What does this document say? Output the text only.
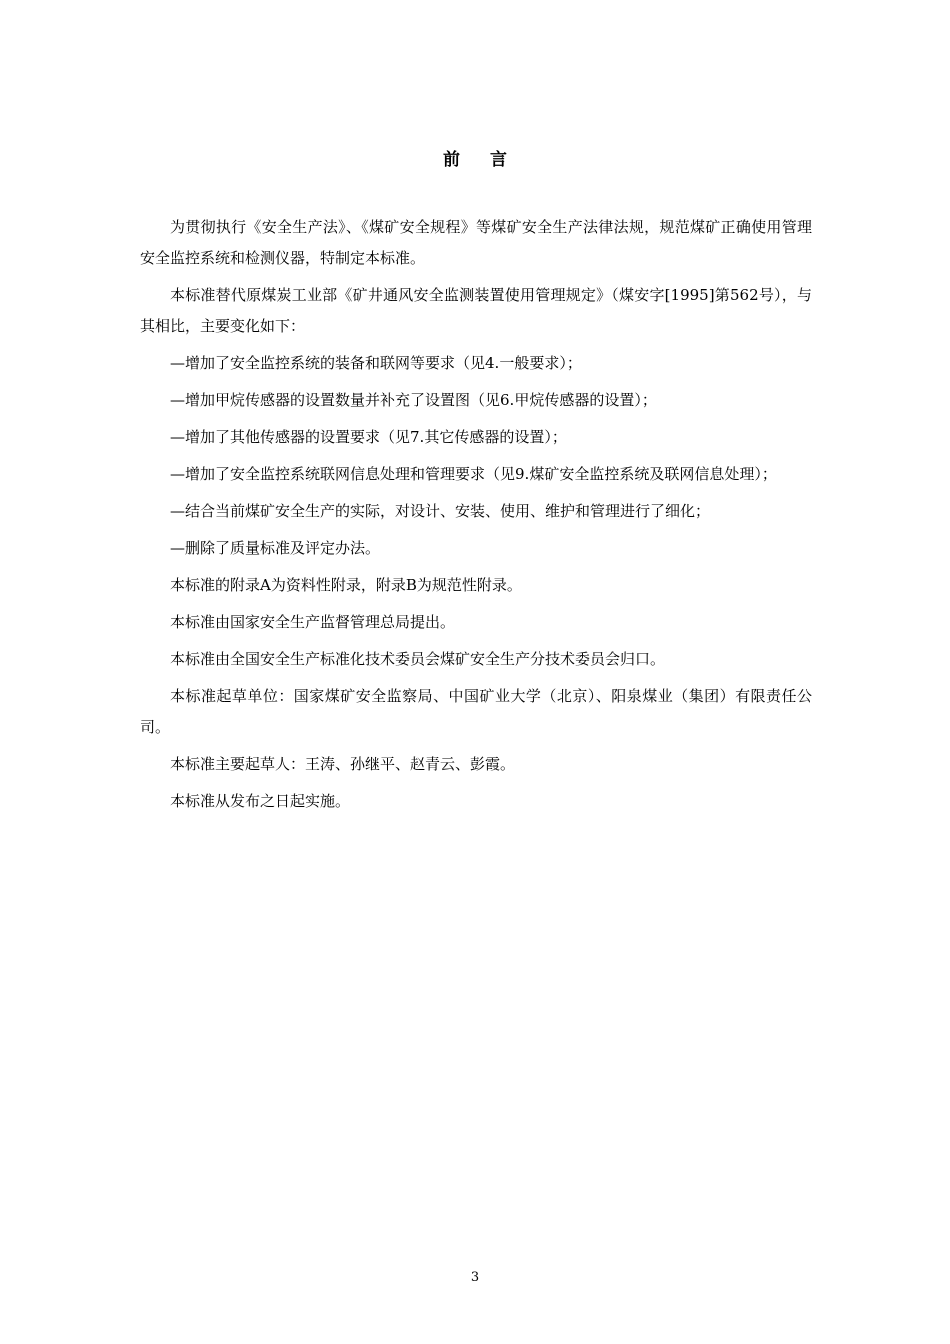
前言

为贯彻执行《安全生产法》、《煤矿安全规程》等煤矿安全生产法律法规，规范煤矿正确使用管理安全监控系统和检测仪器，特制定本标准。

本标准替代原煤炭工业部《矿井通风安全监测装置使用管理规定》（煤安字[1995]第562号），与其相比，主要变化如下：

—增加了安全监控系统的装备和联网等要求（见4.一般要求）；

—增加甲烷传感器的设置数量并补充了设置图（见6.甲烷传感器的设置）；

—增加了其他传感器的设置要求（见7.其它传感器的设置）；

—增加了安全监控系统联网信息处理和管理要求（见9.煤矿安全监控系统及联网信息处理）；

—结合当前煤矿安全生产的实际，对设计、安装、使用、维护和管理进行了细化；

—删除了质量标准及评定办法。

本标准的附录A为资料性附录，附录B为规范性附录。

本标准由国家安全生产监督管理总局提出。

本标准由全国安全生产标准化技术委员会煤矿安全生产分技术委员会归口。

本标准起草单位：国家煤矿安全监察局、中国矿业大学（北京）、阳泉煤业（集团）有限责任公司。

本标准主要起草人：王涛、孙继平、赵青云、彭霞。

本标准从发布之日起实施。

3
